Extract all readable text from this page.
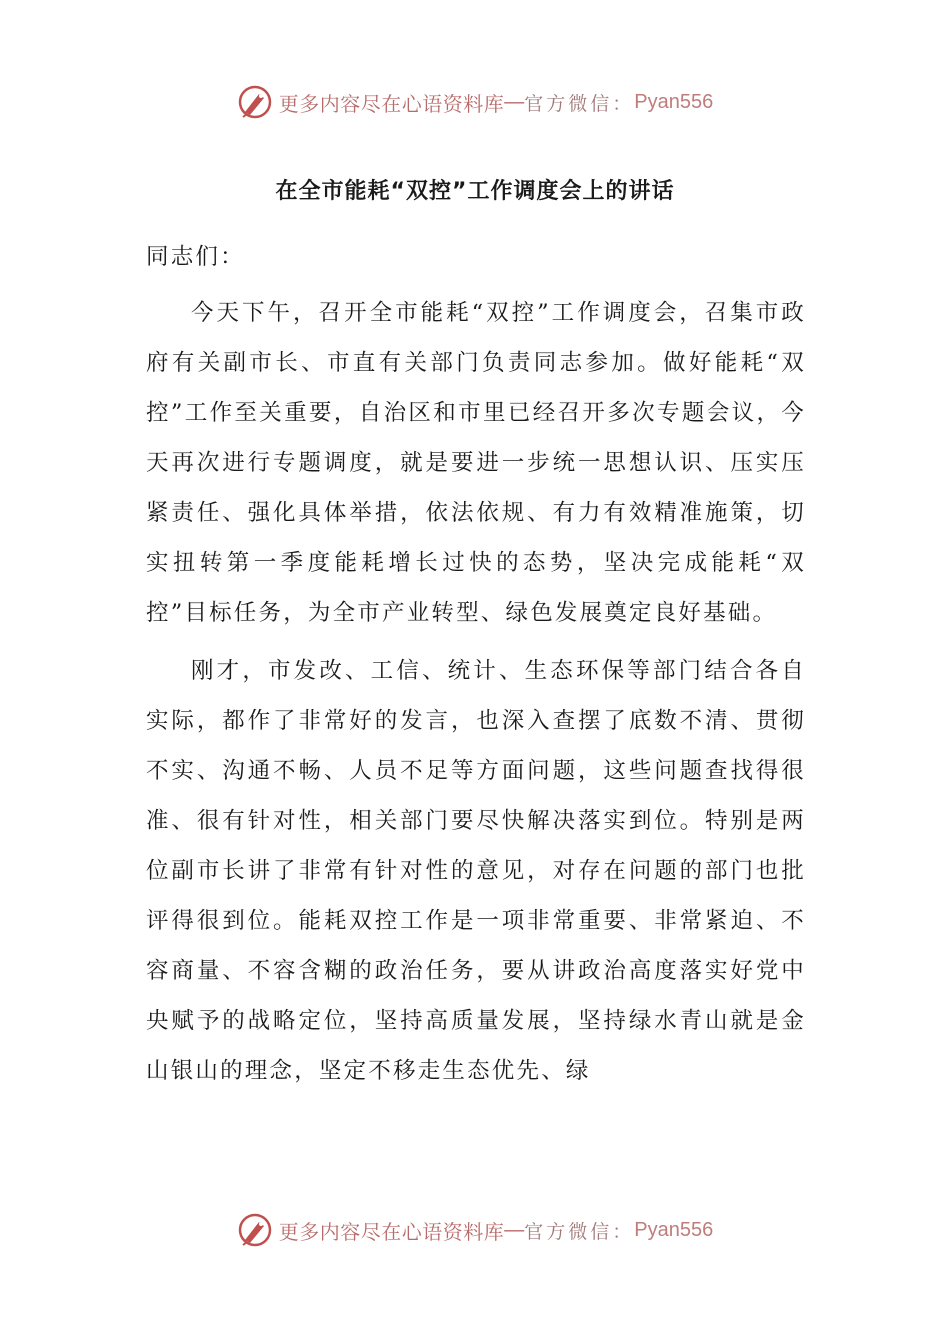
更多内容尽在心语资料库 — 官方微信： Pyan556
在全市能耗“双控”工作调度会上的讲话

同志们：

今天下午，召开全市能耗“双控”工作调度会，召集市政府有关副市长、市直有关部门负责同志参加。做好能耗“双控”工作至关重要，自治区和市里已经召开多次专题会议，今天再次进行专题调度，就是要进一步统一思想认识、压实压紧责任、强化具体举措，依法依规、有力有效精准施策，切实扭转第一季度能耗增长过快的态势，坚决完成能耗“双控”目标任务，为全市产业转型、绿色发展奠定良好基础。

刚才，市发改、工信、统计、生态环保等部门结合各自实际，都作了非常好的发言，也深入查摆了底数不清、贯彻不实、沟通不畅、人员不足等方面问题，这些问题查找得很准、很有针对性，相关部门要尽快解决落实到位。特别是两位副市长讲了非常有针对性的意见，对存在问题的部门也批评得很到位。能耗双控工作是一项非常重要、非常紧迫、不容商量、不容含糊的政治任务，要从讲政治高度落实好党中央赋予的战略定位，坚持高质量发展，坚持绿水青山就是金山银山的理念，坚定不移走生态优先、绿

更多内容尽在心语资料库 — 官方微信： Pyan556
